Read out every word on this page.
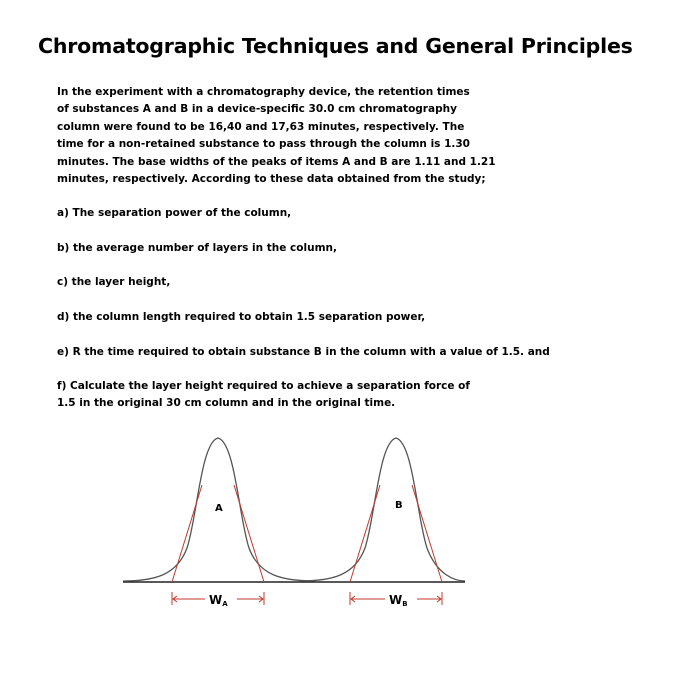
Chromatographic Techniques and General Principles
In the experiment with a chromatography device, the retention times
of substances A and B in a device-specific 30.0 cm chromatography
column were found to be 16,40 and 17,63 minutes, respectively. The
time for a non-retained substance to pass through the column is 1.30
minutes. The base widths of the peaks of items A and B are 1.11 and 1.21
minutes, respectively. According to these data obtained from the study;
a) The separation power of the column,
b) the average number of layers in the column,
c) the layer height,
d) the column length required to obtain 1.5 separation power,
e) R the time required to obtain substance B in the column with a value of 1.5. and
f) Calculate the layer height required to achieve a separation force of
1.5 in the original 30 cm column and in the original time.
A	B
WA	WB
